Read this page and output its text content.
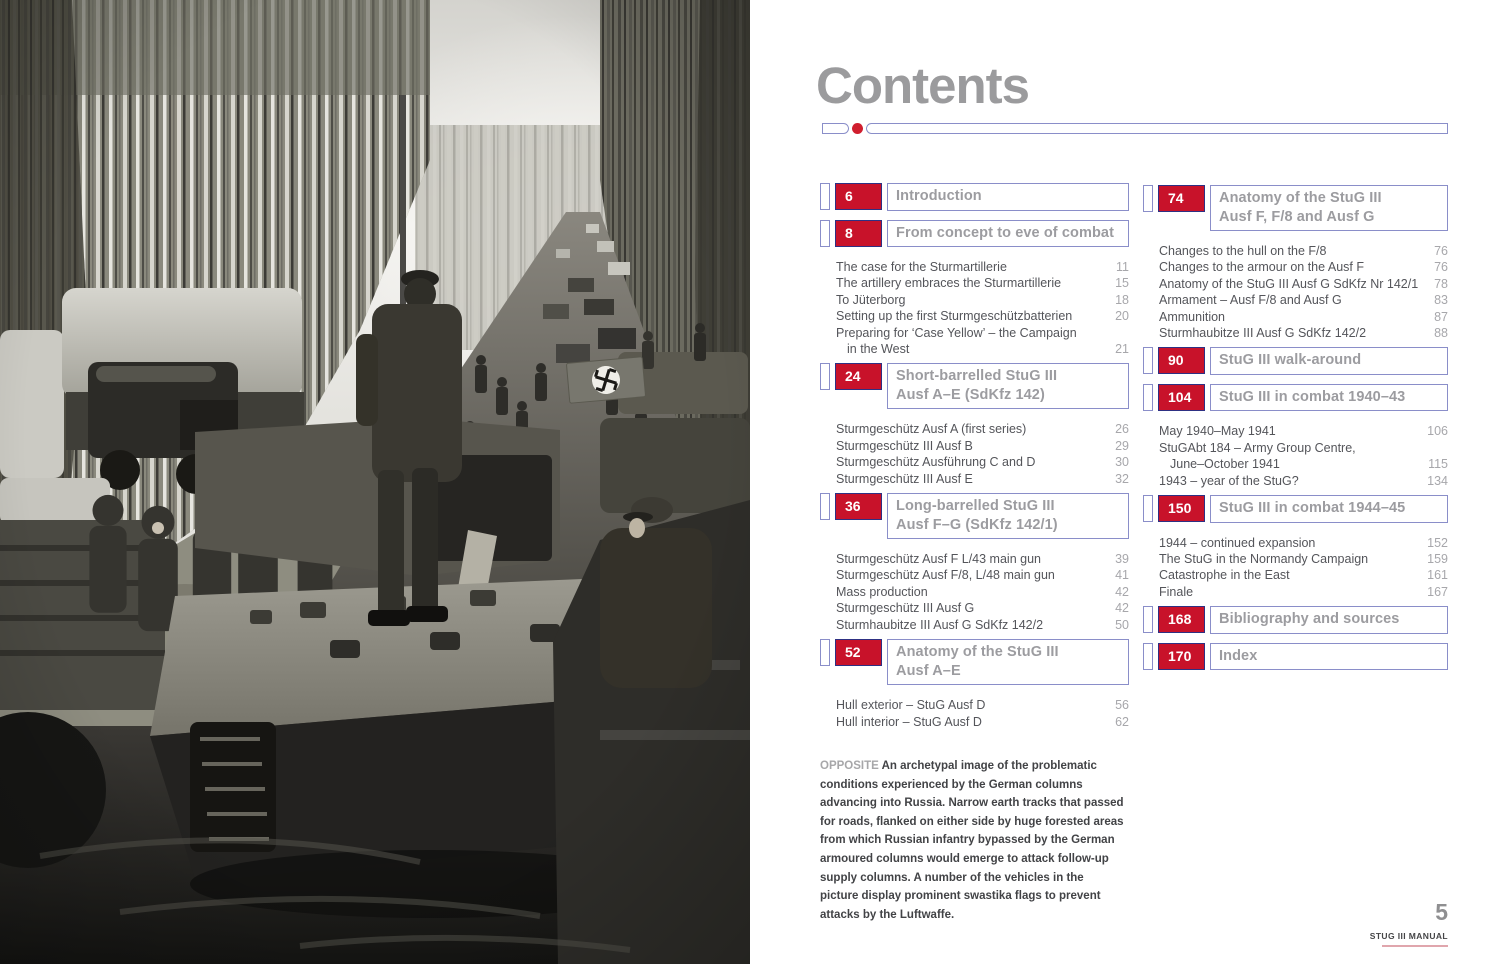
Contents
6	Introduction
8	From concept to eve of combat
The case for the Sturmartillerie	11
The artillery embraces the Sturmartillerie	15
To Jüterborg	18
Setting up the first Sturmgeschützbatterien	20
Preparing for ‘Case Yellow’ – the Campaign
in the West	21
24	Short-barrelled StuG III
Ausf A–E (SdKfz 142)
Sturmgeschütz Ausf A (first series)	26
Sturmgeschütz III Ausf B	29
Sturmgeschütz Ausführung C and D	30
Sturmgeschütz III Ausf E	32
36	Long-barrelled StuG III
Ausf F–G (SdKfz 142/1)
Sturmgeschütz Ausf F L/43 main gun	39
Sturmgeschütz Ausf F/8, L/48 main gun	41
Mass production	42
Sturmgeschütz III Ausf G	42
Sturmhaubitze III Ausf G SdKfz 142/2	50
52	Anatomy of the StuG III
Ausf A–E
Hull exterior – StuG Ausf D	56
Hull interior – StuG Ausf D	62
74	Anatomy of the StuG III
Ausf F, F/8 and Ausf G
Changes to the hull on the F/8	76
Changes to the armour on the Ausf F	76
Anatomy of the StuG III Ausf G SdKfz Nr 142/1	78
Armament – Ausf F/8 and Ausf G	83
Ammunition	87
Sturmhaubitze III Ausf G SdKfz 142/2	88
90	StuG III walk-around
104	StuG III in combat 1940–43
May 1940–May 1941	106
StuGAbt 184 – Army Group Centre,
June–October 1941	115
1943 – year of the StuG?	134
150	StuG III in combat 1944–45
1944 – continued expansion	152
The StuG in the Normandy Campaign	159
Catastrophe in the East	161
Finale	167
168	Bibliography and sources
170	Index
OPPOSITE An archetypal image of the problematic conditions experienced by the German columns advancing into Russia. Narrow earth tracks that passed for roads, flanked on either side by huge forested areas from which Russian infantry bypassed by the German armoured columns would emerge to attack follow-up supply columns. A number of the vehicles in the picture display prominent swastika flags to prevent attacks by the Luftwaffe.	5
STUG III MANUAL
